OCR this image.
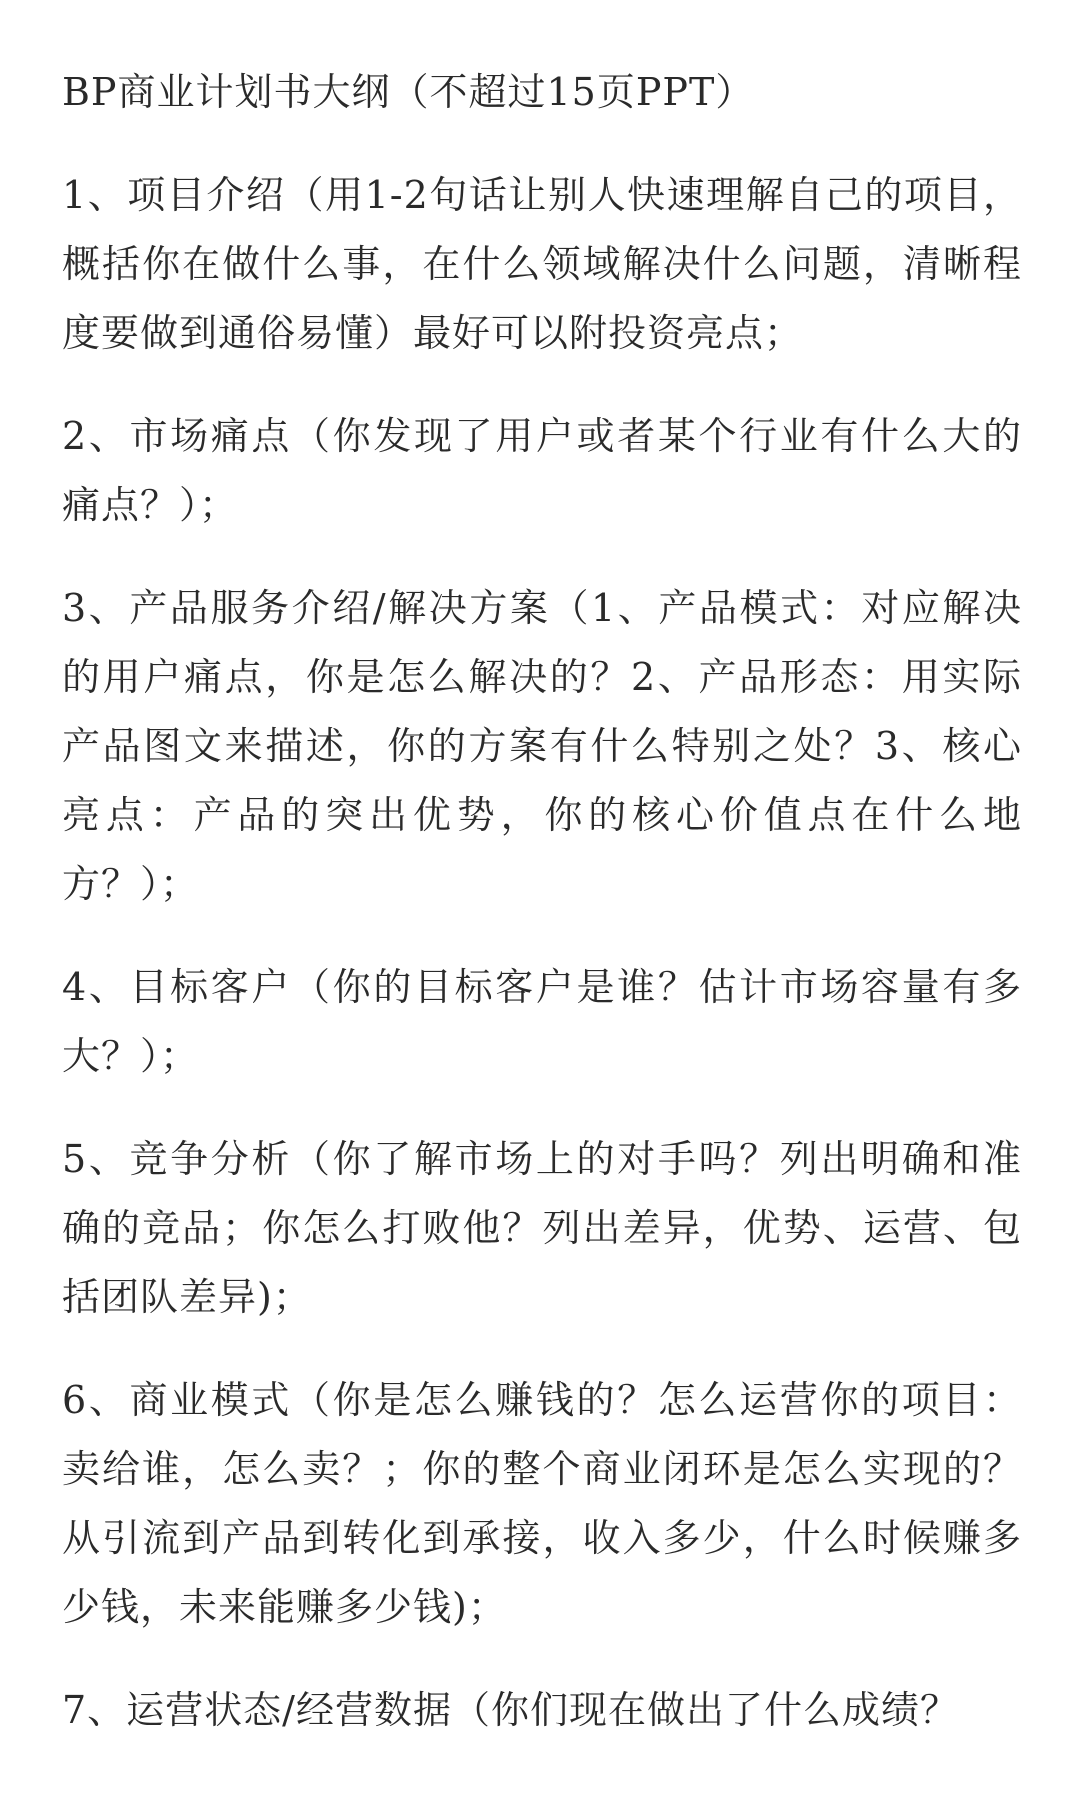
BP商业计划书大纲（不超过15页PPT）

1、项目介绍（用1-2句话让别人快速理解自己的项目，概括你在做什么事，在什么领域解决什么问题，清晰程度要做到通俗易懂）最好可以附投资亮点；

2、市场痛点（你发现了用户或者某个行业有什么大的痛点？）；

3、产品服务介绍/解决方案（1、产品模式：对应解决的用户痛点，你是怎么解决的？2、产品形态：用实际产品图文来描述，你的方案有什么特别之处？3、核心亮点：产品的突出优势，你的核心价值点在什么地方？）；

4、目标客户（你的目标客户是谁？估计市场容量有多大？）；

5、竞争分析（你了解市场上的对手吗？列出明确和准确的竞品；你怎么打败他？列出差异，优势、运营、包括团队差异)；

6、商业模式（你是怎么赚钱的？怎么运营你的项目：卖给谁，怎么卖？；你的整个商业闭环是怎么实现的？从引流到产品到转化到承接，收入多少，什么时候赚多少钱，未来能赚多少钱)；

7、运营状态/经营数据（你们现在做出了什么成绩？
